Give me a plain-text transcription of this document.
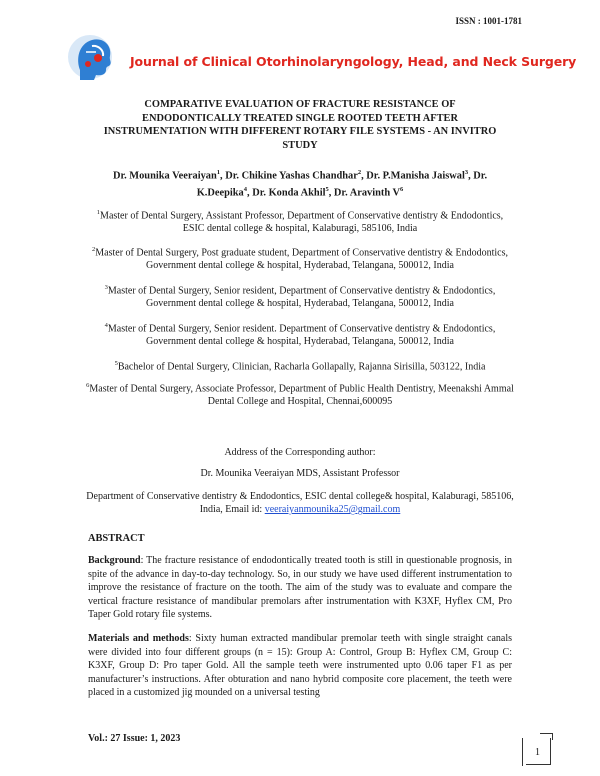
ISSN : 1001-1781
Journal of Clinical Otorhinolaryngology, Head, and Neck Surgery
COMPARATIVE EVALUATION OF FRACTURE RESISTANCE OF ENDODONTICALLY TREATED SINGLE ROOTED TEETH AFTER INSTRUMENTATION WITH DIFFERENT ROTARY FILE SYSTEMS - AN INVITRO STUDY
Dr. Mounika Veeraiyan$^1$, Dr. Chikine Yashas Chandhar$^2$, Dr. P.Manisha Jaiswal$^3$, Dr. K.Deepika$^4$, Dr. Konda Akhil$^5$, Dr. Aravinth $V^6$
$^1$Master of Dental Surgery, Assistant Professor, Department of Conservative dentistry & Endodontics, ESIC dental college & hospital, Kalaburagi, 585106, India
$^2$Master of Dental Surgery, Post graduate student, Department of Conservative dentistry & Endodontics, Government dental college & hospital, Hyderabad, Telangana, 500012, India
$^3$Master of Dental Surgery, Senior resident, Department of Conservative dentistry & Endodontics, Government dental college & hospital, Hyderabad, Telangana, 500012, India
$^4$Master of Dental Surgery, Senior resident. Department of Conservative dentistry & Endodontics, Government dental college & hospital, Hyderabad, Telangana, 500012, India
$^5$Bachelor of Dental Surgery, Clinician, Racharla Gollapally, Rajanna Sirisilla, 503122, India
$^6$Master of Dental Surgery, Associate Professor, Department of Public Health Dentistry, Meenakshi Ammal Dental College and Hospital, Chennai,600095
Address of the Corresponding author:
Dr. Mounika Veeraiyan MDS, Assistant Professor
Department of Conservative dentistry & Endodontics, ESIC dental college& hospital, Kalaburagi, 585106, India, Email id: veeraiyanmounika25@gmail.com
ABSTRACT
Background: The fracture resistance of endodontically treated tooth is still in questionable prognosis, in spite of the advance in day-to-day technology. So, in our study we have used different instrumentation to improve the resistance of fracture on the tooth. The aim of the study was to evaluate and compare the vertical fracture resistance of mandibular premolars after instrumentation with K3XF, Hyflex CM, Pro Taper Gold rotary file systems.
Materials and methods: Sixty human extracted mandibular premolar teeth with single straight canals were divided into four different groups (n = 15): Group A: Control, Group B: Hyflex CM, Group C: K3XF, Group D: Pro taper Gold. All the sample teeth were instrumented upto 0.06 taper F1 as per manufacturer’s instructions. After obturation and nano hybrid composite core placement, the teeth were placed in a customized jig mounded on a universal testing
Vol.: 27 Issue: 1, 2023
1
